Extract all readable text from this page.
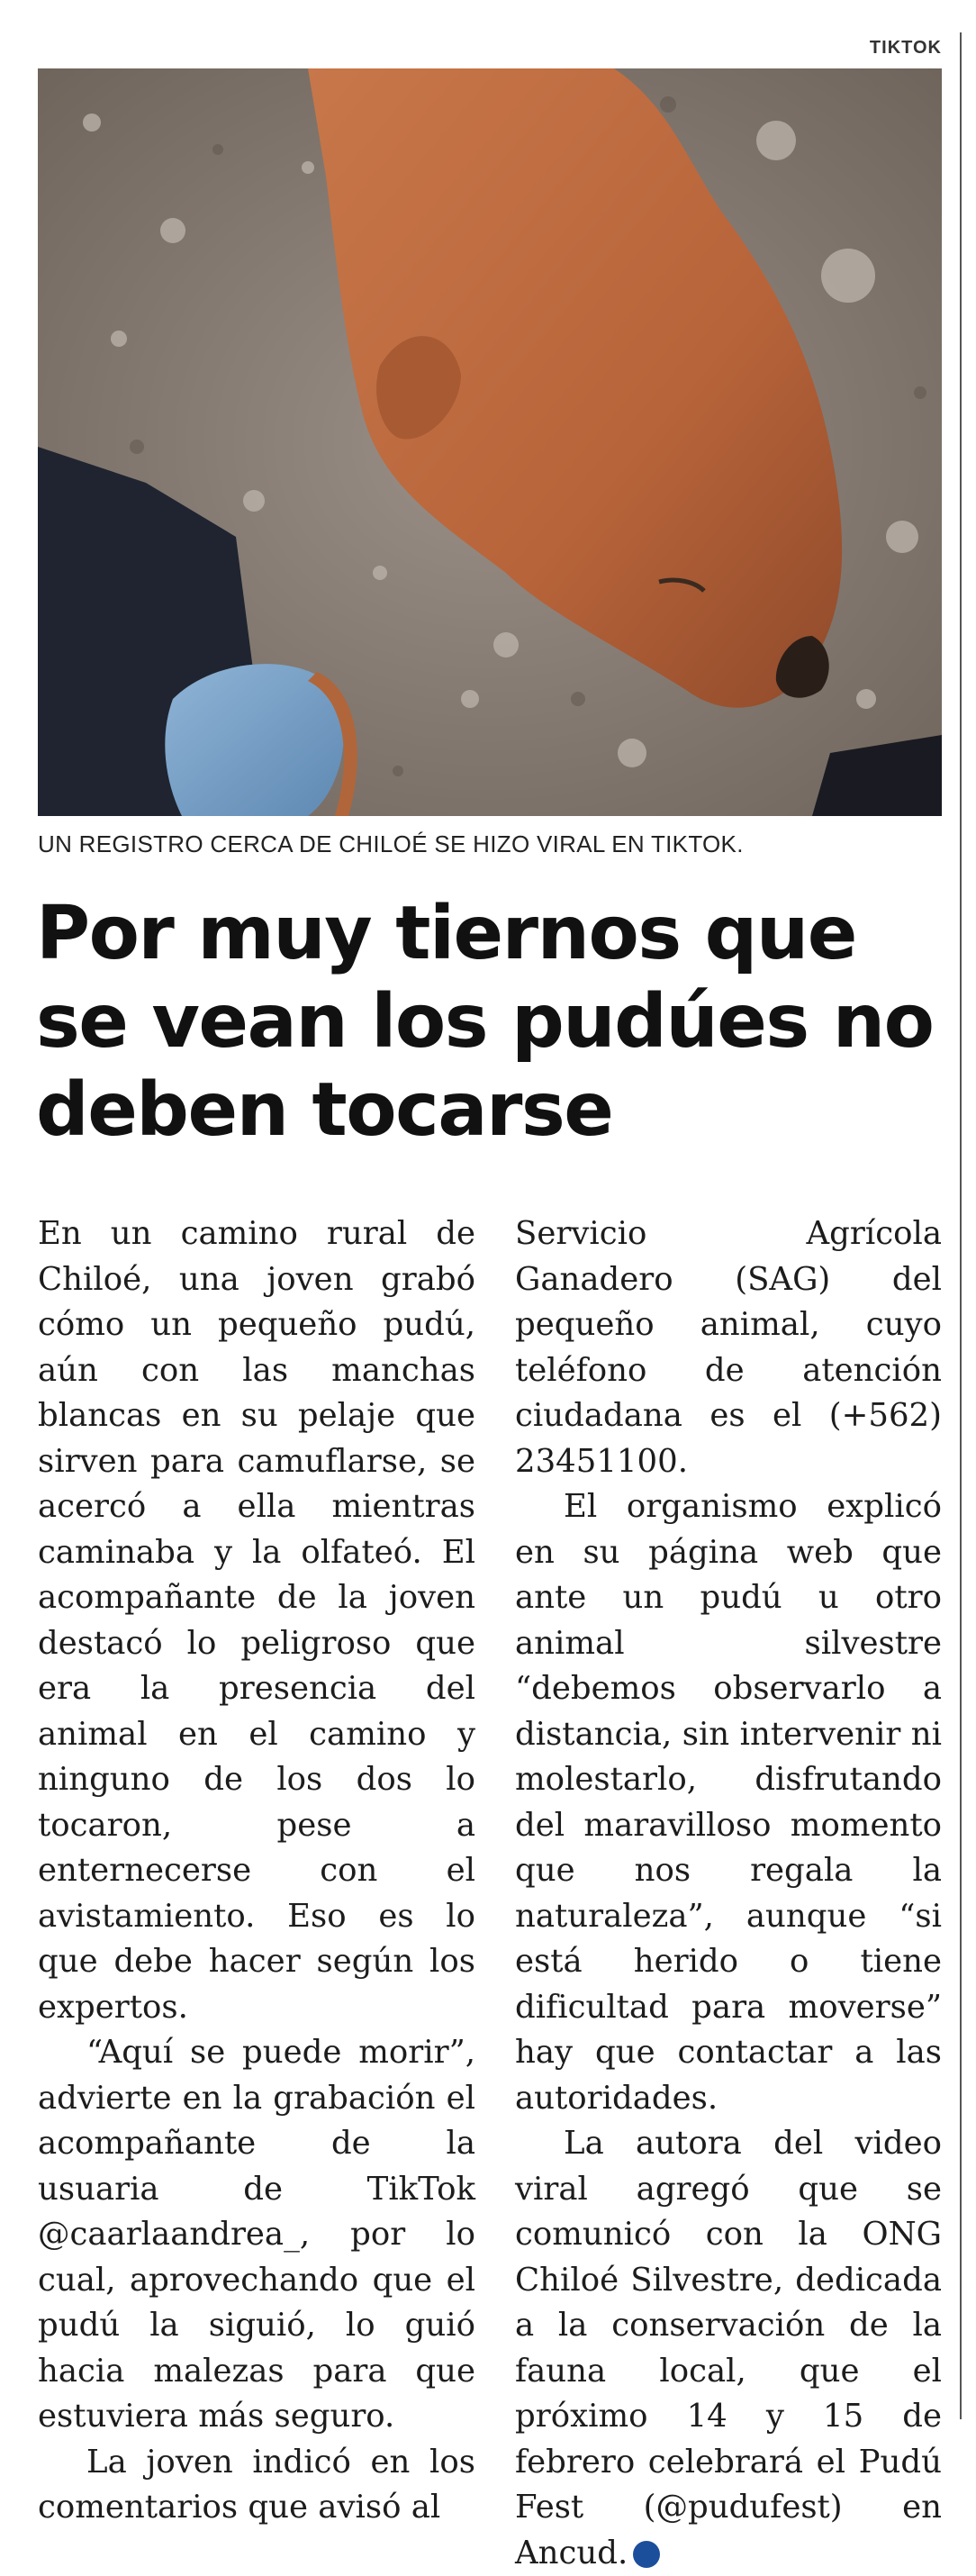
TIKTOK
UN REGISTRO CERCA DE CHILOÉ SE HIZO VIRAL EN TIKTOK.
Por muy tiernos que
se vean los pudúes no
deben tocarse

En un camino rural de Chiloé, una joven grabó cómo un pequeño pudú, aún con las manchas blancas en su pelaje que sirven para camuflarse, se acercó a ella mientras caminaba y la olfateó. El acompañante de la joven destacó lo peligroso que era la presencia del animal en el camino y ninguno de los dos lo tocaron, pese a enternecerse con el avistamiento. Eso es lo que debe hacer según los expertos.

“Aquí se puede morir”, advierte en la grabación el acompañante de la usuaria de TikTok @caarlaandrea_, por lo cual, aprovechando que el pudú la siguió, lo guió hacia malezas para que estuviera más seguro.

La joven indicó en los comentarios que avisó al

Servicio Agrícola Ganadero (SAG) del pequeño animal, cuyo teléfono de atención ciudadana es el (+562) 23451100.

El organismo explicó en su página web que ante un pudú u otro animal silvestre “debemos observarlo a distancia, sin intervenir ni molestarlo, disfrutando del maravilloso momento que nos regala la naturaleza”, aunque “si está herido o tiene dificultad para moverse” hay que contactar a las autoridades.

La autora del video viral agregó que se comunicó con la ONG Chiloé Silvestre, dedicada a la conservación de la fauna local, que el próximo 14 y 15 de febrero celebrará el Pudú Fest (@pudufest) en Ancud.	✪
